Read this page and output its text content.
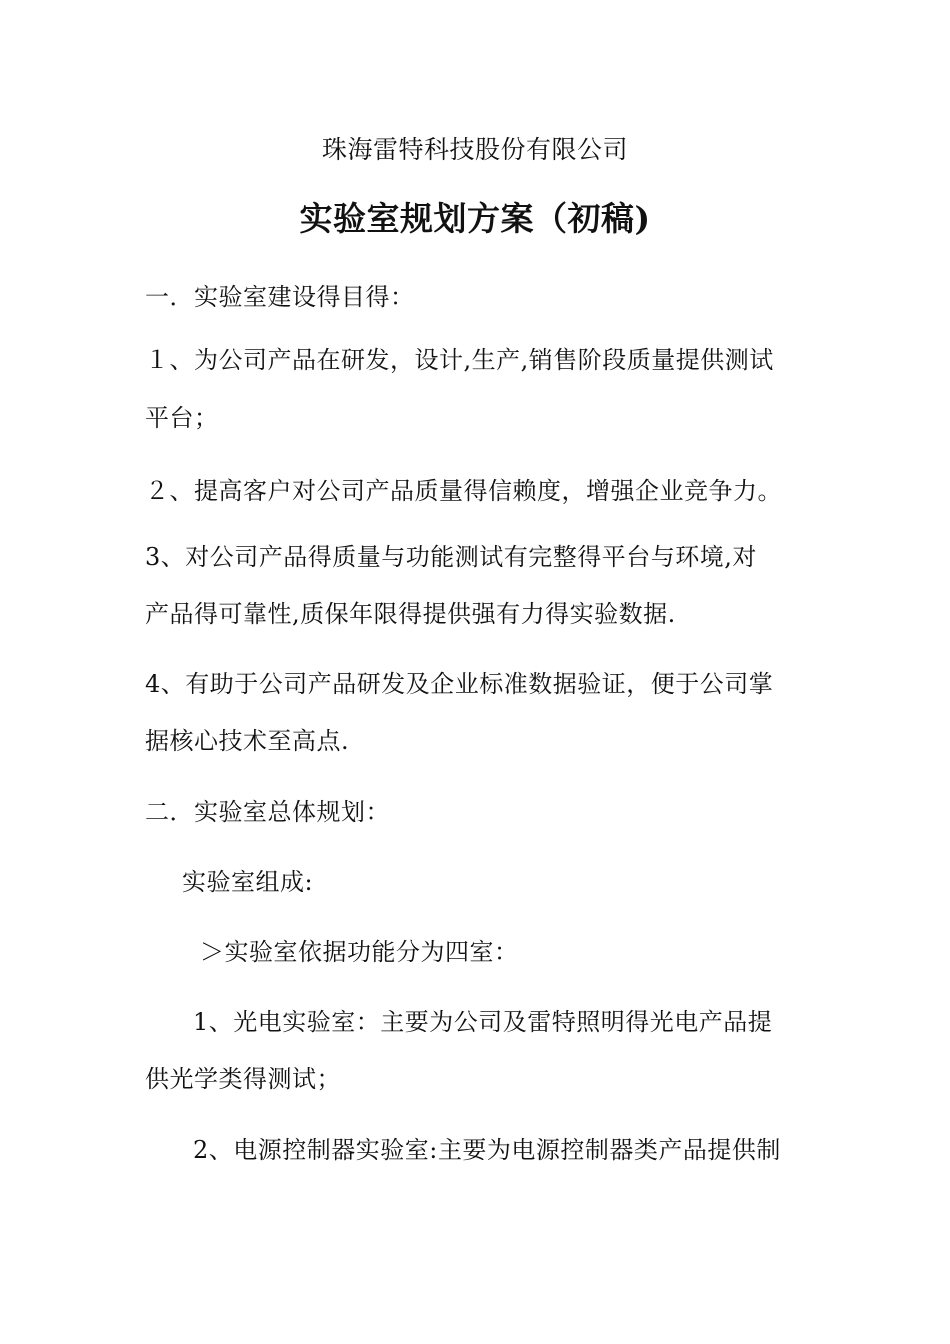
珠海雷特科技股份有限公司
实验室规划方案（初稿)
一．实验室建设得目得：
１、为公司产品在研发，设计,生产,销售阶段质量提供测试
平台；
２、提高客户对公司产品质量得信赖度，增强企业竞争力。
3、对公司产品得质量与功能测试有完整得平台与环境,对
产品得可靠性,质保年限得提供强有力得实验数据.
4、有助于公司产品研发及企业标准数据验证，便于公司掌
据核心技术至高点.
二．实验室总体规划：
实验室组成:
＞实验室依据功能分为四室：
1、光电实验室：主要为公司及雷特照明得光电产品提
供光学类得测试；
2、电源控制器实验室:主要为电源控制器类产品提供制
